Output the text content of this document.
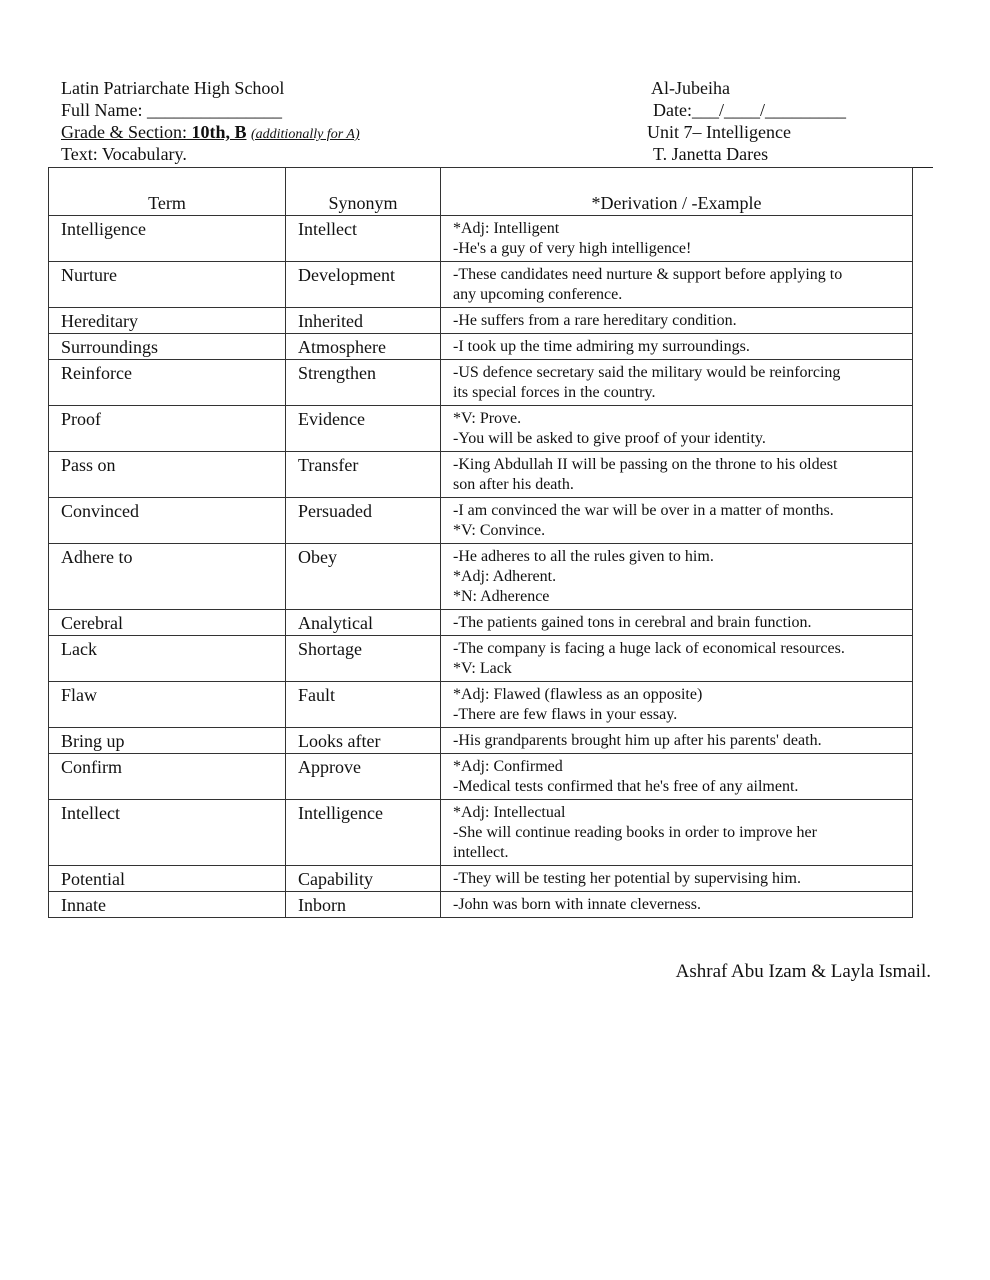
Latin Patriarchate High School	Al-Jubeiha
Full Name: _______________	Date:___/____/_________
Grade & Section: 10th, B (additionally for A)	Unit 7– Intelligence
Text: Vocabulary.	T. Janetta Dares
Term	Synonym	*Derivation / -Example
Intelligence	Intellect	*Adj: Intelligent
-He's a guy of very high intelligence!

Nurture	Development	-These candidates need nurture & support before applying to
any upcoming conference.

Hereditary	Inherited	-He suffers from a rare hereditary condition.

Surroundings	Atmosphere	-I took up the time admiring my surroundings.

Reinforce	Strengthen	-US defence secretary said the military would be reinforcing
its special forces in the country.

Proof	Evidence	*V: Prove.
-You will be asked to give proof of your identity.

Pass on	Transfer	-King Abdullah II will be passing on the throne to his oldest
son after his death.

Convinced	Persuaded	-I am convinced the war will be over in a matter of months.
*V: Convince.

Adhere to	Obey	-He adheres to all the rules given to him.
*Adj: Adherent.
*N: Adherence

Cerebral	Analytical	-The patients gained tons in cerebral and brain function.

Lack	Shortage	-The company is facing a huge lack of economical resources.
*V: Lack

Flaw	Fault	*Adj: Flawed (flawless as an opposite)
-There are few flaws in your essay.

Bring up	Looks after	-His grandparents brought him up after his parents' death.

Confirm	Approve	*Adj: Confirmed
-Medical tests confirmed that he's free of any ailment.

Intellect	Intelligence	*Adj: Intellectual
-She will continue reading books in order to improve her
intellect.

Potential	Capability	-They will be testing her potential by supervising him.

Innate	Inborn	-John was born with innate cleverness.
Ashraf Abu Izam & Layla Ismail.
